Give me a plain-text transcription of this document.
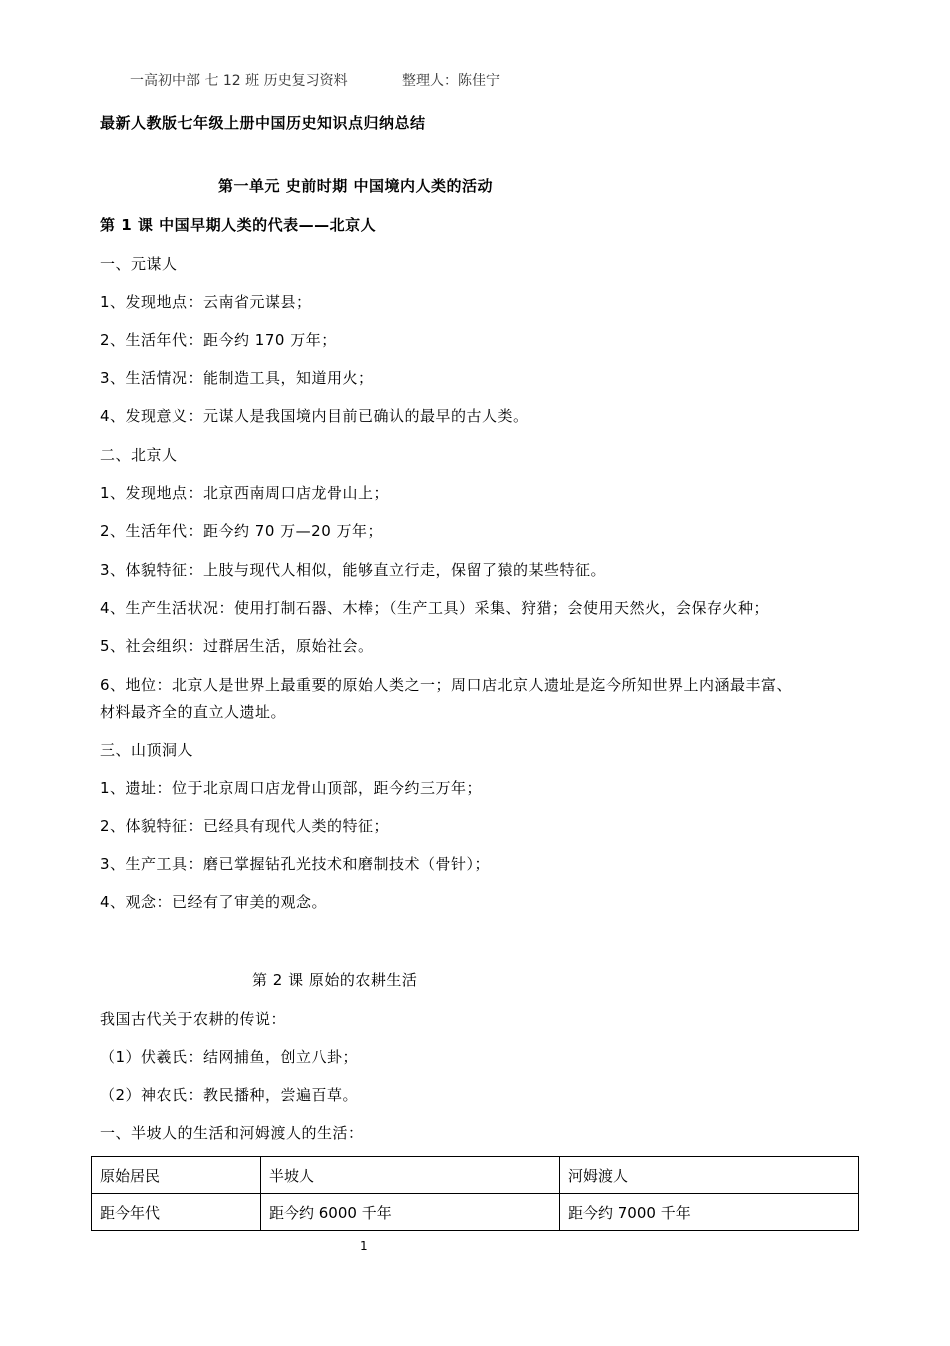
一高初中部 七 12 班 历史复习资料	整理人：陈佳宁
最新人教版七年级上册中国历史知识点归纳总结
第一单元 史前时期 中国境内人类的活动
第 1 课 中国早期人类的代表——北京人
一、元谋人
1、发现地点：云南省元谋县；
2、生活年代：距今约 170 万年；
3、生活情况：能制造工具，知道用火；
4、发现意义：元谋人是我国境内目前已确认的最早的古人类。
二、北京人
1、发现地点：北京西南周口店龙骨山上；
2、生活年代：距今约 70 万—20 万年；
3、体貌特征：上肢与现代人相似，能够直立行走，保留了猿的某些特征。
4、生产生活状况：使用打制石器、木棒；（生产工具）采集、狩猎；会使用天然火，会保存火种；
5、社会组织：过群居生活，原始社会。
6、地位：北京人是世界上最重要的原始人类之一；周口店北京人遗址是迄今所知世界上内涵最丰富、
材料最齐全的直立人遗址。
三、山顶洞人
1、遗址：位于北京周口店龙骨山顶部，距今约三万年；
2、体貌特征：已经具有现代人类的特征；
3、生产工具：磨已掌握钻孔光技术和磨制技术（骨针）；
4、观念：已经有了审美的观念。
第 2 课 原始的农耕生活
我国古代关于农耕的传说：
（1）伏羲氏：结网捕鱼，创立八卦；
（2）神农氏：教民播种，尝遍百草。
一、半坡人的生活和河姆渡人的生活：
原始居民	半坡人	河姆渡人
距今年代	距今约 6000 千年	距今约 7000 千年
1
